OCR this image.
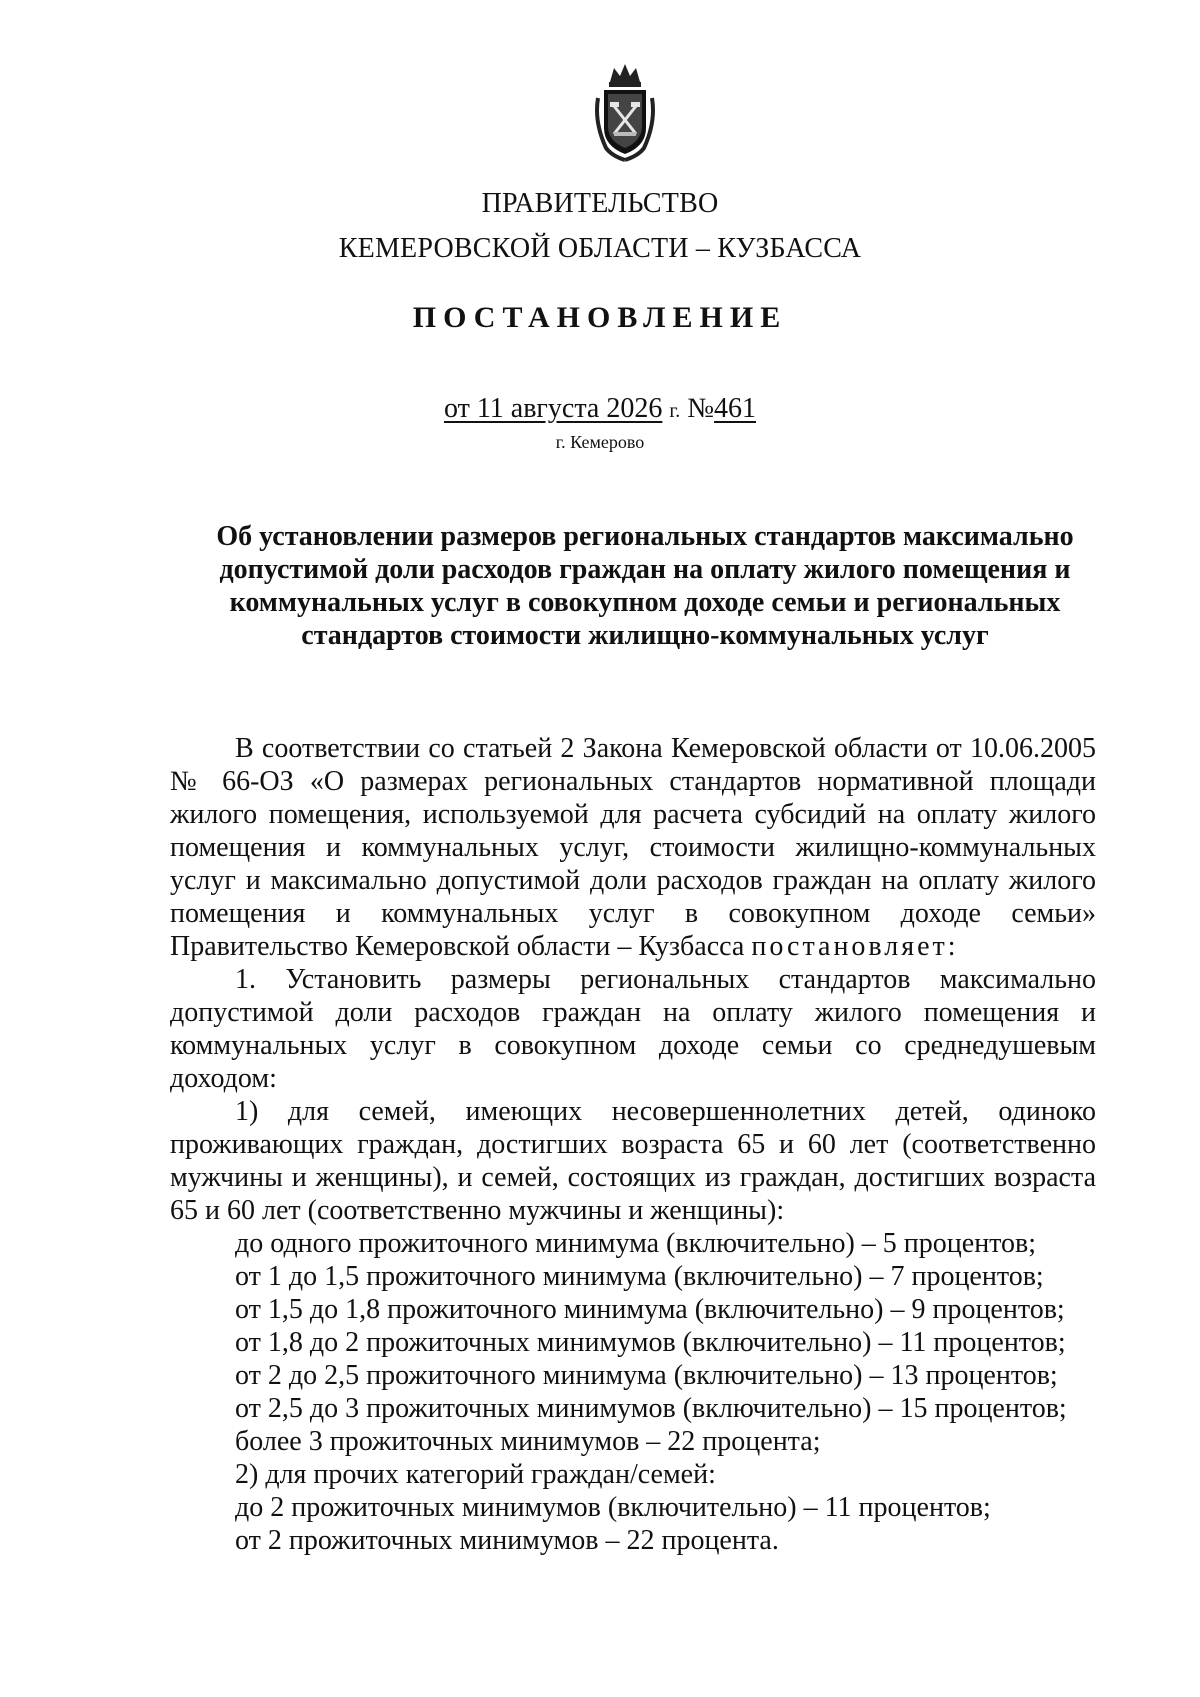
ПРАВИТЕЛЬСТВО
КЕМЕРОВСКОЙ ОБЛАСТИ – КУЗБАССА
ПОСТАНОВЛЕНИЕ
от 11 августа 2026 г. №461
г. Кемерово
Об установлении размеров региональных стандартов максимально допустимой доли расходов граждан на оплату жилого помещения и коммунальных услуг в совокупном доходе семьи и региональных стандартов стоимости жилищно-коммунальных услуг

В соответствии со статьей 2 Закона Кемеровской области от 10.06.2005 № 66-ОЗ «О размерах региональных стандартов нормативной площади жилого помещения, используемой для расчета субсидий на оплату жилого помещения и коммунальных услуг, стоимости жилищно-коммунальных услуг и максимально допустимой доли расходов граждан на оплату жилого помещения и коммунальных услуг в совокупном доходе семьи» Правительство Кемеровской области – Кузбасса постановляет:

1. Установить размеры региональных стандартов максимально допустимой доли расходов граждан на оплату жилого помещения и коммунальных услуг в совокупном доходе семьи со среднедушевым доходом:

1) для семей, имеющих несовершеннолетних детей, одиноко проживающих граждан, достигших возраста 65 и 60 лет (соответственно мужчины и женщины), и семей, состоящих из граждан, достигших возраста 65 и 60 лет (соответственно мужчины и женщины):

до одного прожиточного минимума (включительно) – 5 процентов;
от 1 до 1,5 прожиточного минимума (включительно) – 7 процентов;
от 1,5 до 1,8 прожиточного минимума (включительно) – 9 процентов;
от 1,8 до 2 прожиточных минимумов (включительно) – 11 процентов;
от 2 до 2,5 прожиточного минимума (включительно) – 13 процентов;
от 2,5 до 3 прожиточных минимумов (включительно) – 15 процентов;
более 3 прожиточных минимумов – 22 процента;
2) для прочих категорий граждан/семей:
до 2 прожиточных минимумов (включительно) – 11 процентов;
от 2 прожиточных минимумов – 22 процента.
